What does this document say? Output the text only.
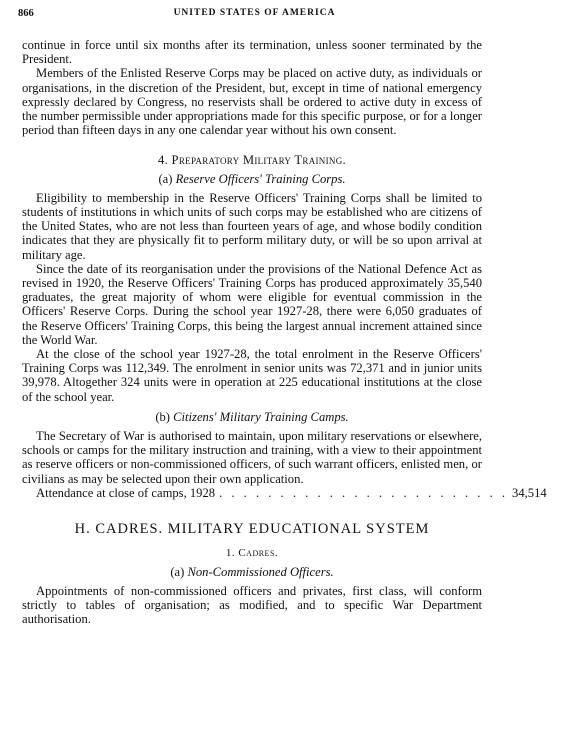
866	UNITED STATES OF AMERICA

continue in force until six months after its termination, unless sooner terminated by the President.

Members of the Enlisted Reserve Corps may be placed on active duty, as individuals or organisations, in the discretion of the President, but, except in time of national emergency expressly declared by Congress, no reservists shall be ordered to active duty in excess of the number permissible under appropriations made for this specific purpose, or for a longer period than fifteen days in any one calendar year without his own consent.

4. Preparatory Military Training.
(a) Reserve Officers' Training Corps.

Eligibility to membership in the Reserve Officers' Training Corps shall be limited to students of institutions in which units of such corps may be established who are citizens of the United States, who are not less than fourteen years of age, and whose bodily condition indicates that they are physically fit to perform military duty, or will be so upon arrival at military age.

Since the date of its reorganisation under the provisions of the National Defence Act as revised in 1920, the Reserve Officers' Training Corps has produced approximately 35,540 graduates, the great majority of whom were eligible for eventual commission in the Officers' Reserve Corps. During the school year 1927-28, there were 6,050 graduates of the Reserve Officers' Training Corps, this being the largest annual increment attained since the World War.

At the close of the school year 1927-28, the total enrolment in the Reserve Officers' Training Corps was 112,349. The enrolment in senior units was 72,371 and in junior units 39,978. Altogether 324 units were in operation at 225 educational institutions at the close of the school year.

(b) Citizens' Military Training Camps.

The Secretary of War is authorised to maintain, upon military reservations or elsewhere, schools or camps for the military instruction and training, with a view to their appointment as reserve officers or non-commissioned officers, of such warrant officers, enlisted men, or civilians as may be selected upon their own application.

Attendance at close of camps, 1928 . . . . . . . . . . . . . . . . . . . . . . . . 34,514
H. CADRES. MILITARY EDUCATIONAL SYSTEM
1. Cadres.
(a) Non-Commissioned Officers.

Appointments of non-commissioned officers and privates, first class, will conform strictly to tables of organisation; as modified, and to specific War Department authorisation.
